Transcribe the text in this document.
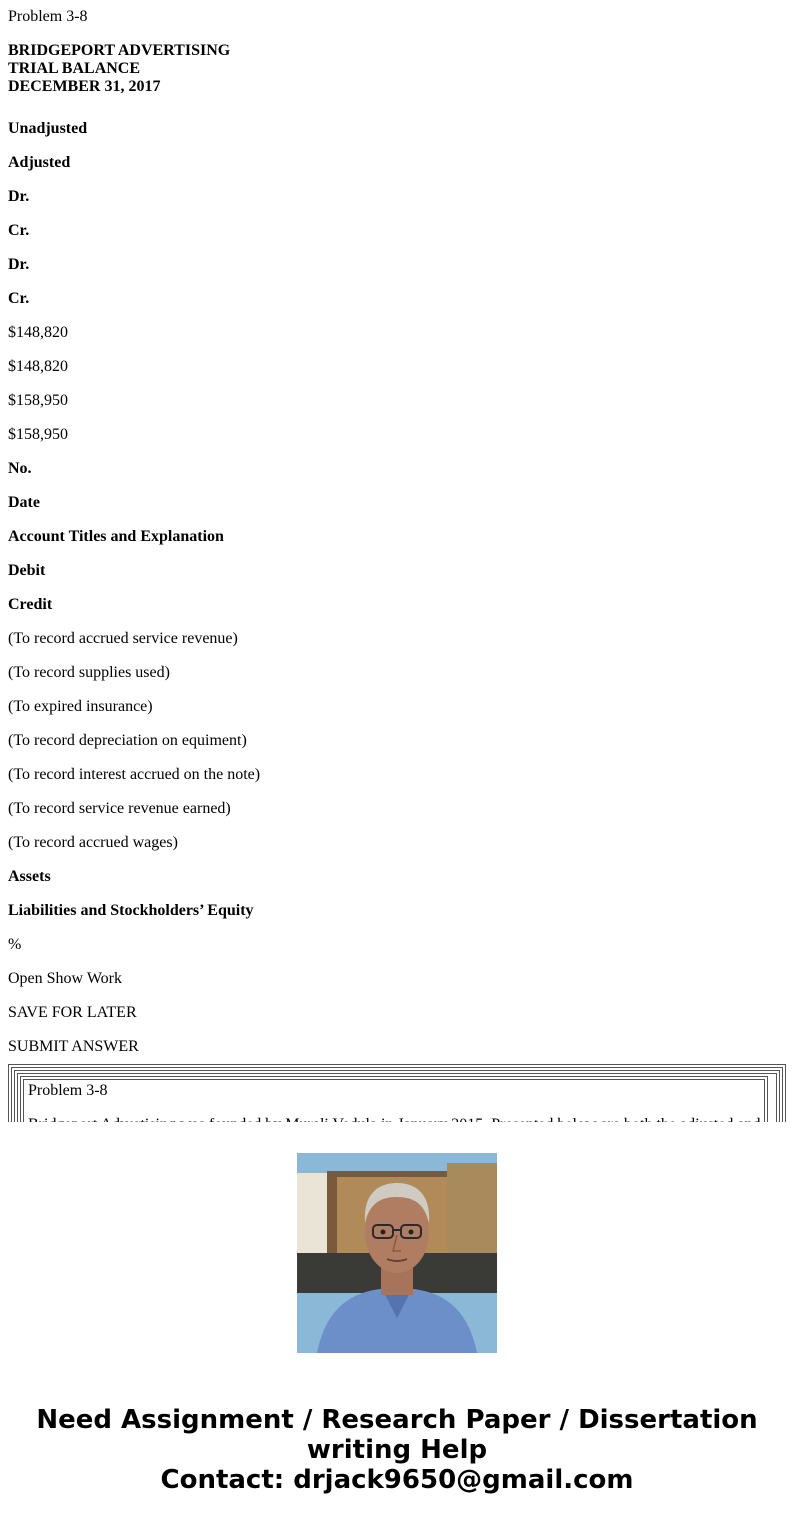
Problem 3-8

BRIDGEPORT ADVERTISING
TRIAL BALANCE
DECEMBER 31, 2017

Unadjusted

Adjusted

Dr.

Cr.

Dr.

Cr.

$148,820

$148,820

$158,950

$158,950

No.

Date

Account Titles and Explanation

Debit

Credit

(To record accrued service revenue)

(To record supplies used)

(To expired insurance)

(To record depreciation on equiment)

(To record interest accrued on the note)

(To record service revenue earned)

(To record accrued wages)

Assets

Liabilities and Stockholders’ Equity

%

Open Show Work

SAVE FOR LATER

SUBMIT ANSWER

Problem 3-8

Need Assignment / Research Paper / Dissertation
writing Help
Contact: drjack9650@gmail.com
